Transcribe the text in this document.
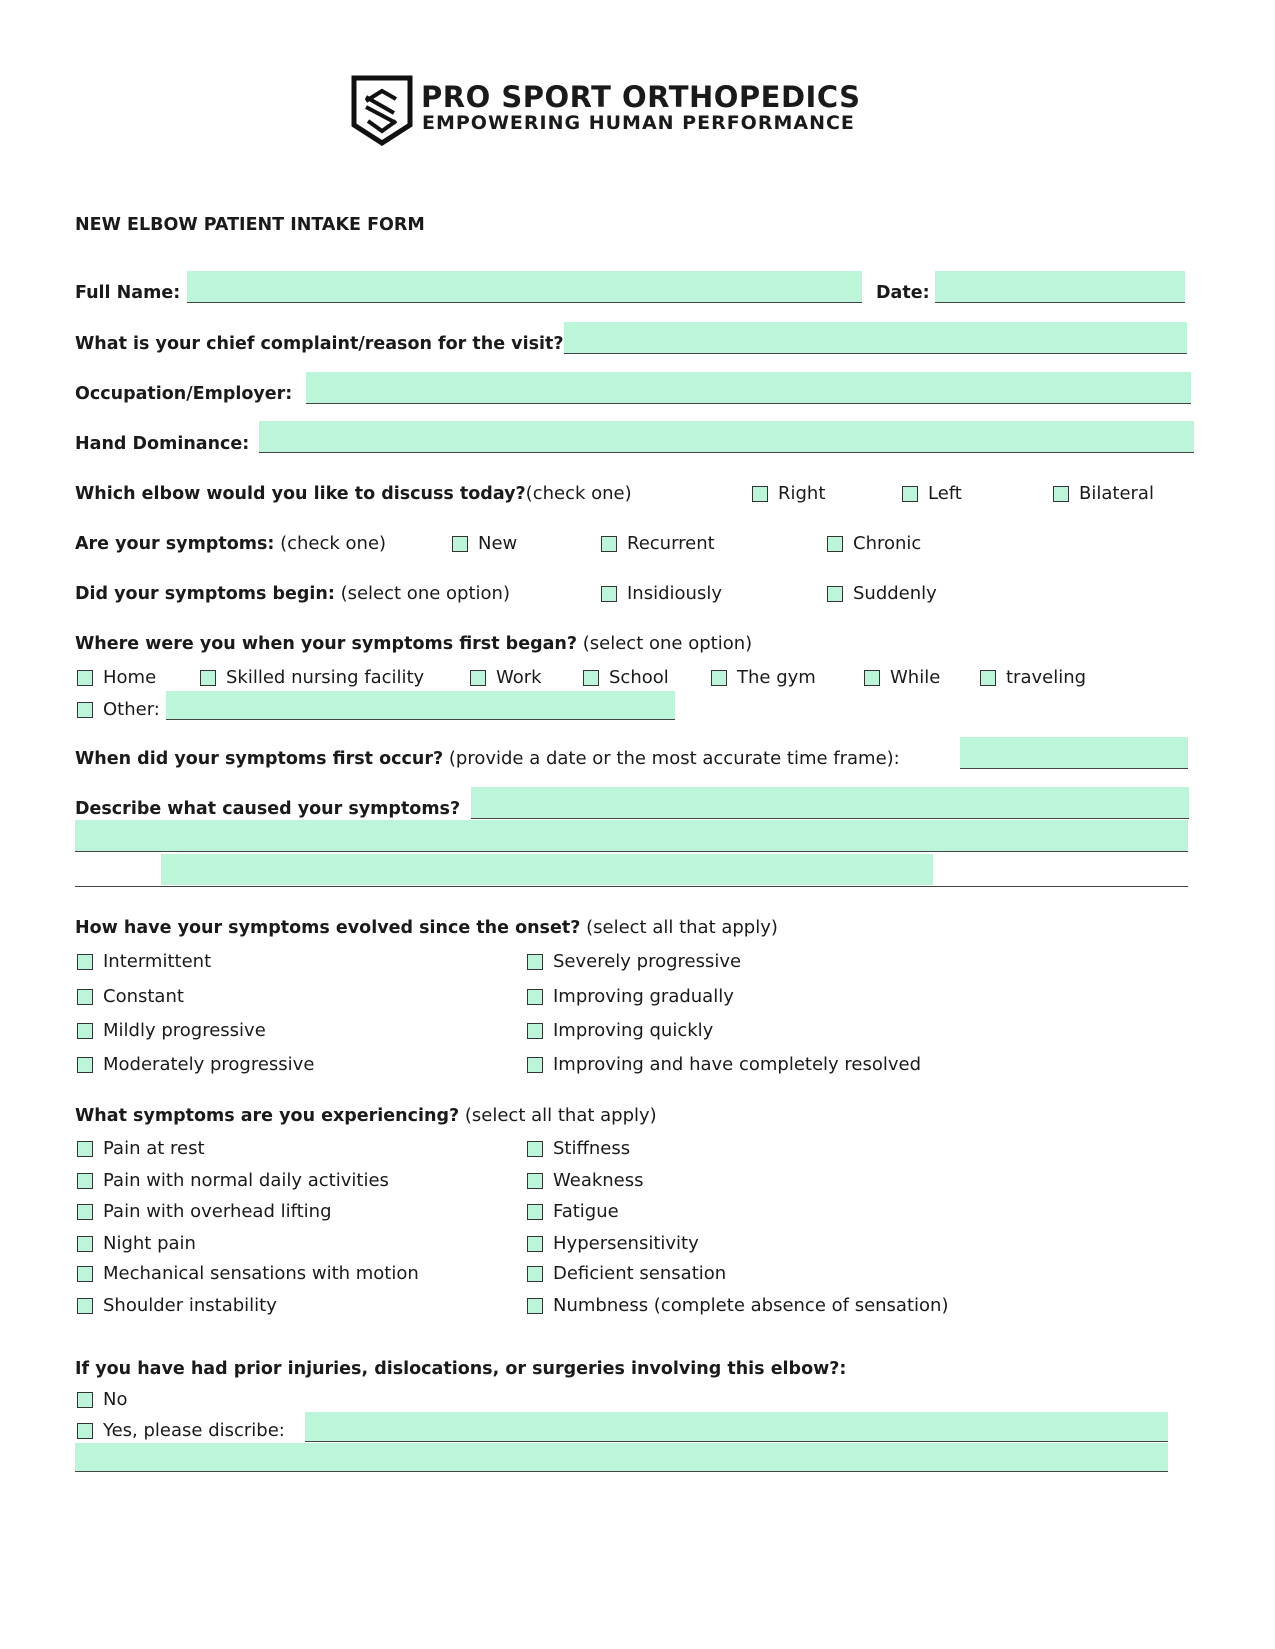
PRO SPORT ORTHOPEDICS
EMPOWERING HUMAN PERFORMANCE
NEW ELBOW PATIENT INTAKE FORM
Full Name:	Date:
What is your chief complaint/reason for the visit?
Occupation/Employer:
Hand Dominance:
Which elbow would you like to discuss today?(check one)	Right	Left	Bilateral
Are your symptoms: (check one)	New	Recurrent	Chronic
Did your symptoms begin: (select one option)	Insidiously	Suddenly
Where were you when your symptoms first began? (select one option)
Home	Skilled nursing facility	Work	School	The gym	While	traveling
Other:
When did your symptoms first occur? (provide a date or the most accurate time frame):
Describe what caused your symptoms?
How have your symptoms evolved since the onset? (select all that apply)
Intermittent
Constant
Mildly progressive
Moderately progressive
Severely progressive
Improving gradually
Improving quickly
Improving and have completely resolved
What symptoms are you experiencing? (select all that apply)
Pain at rest
Pain with normal daily activities
Pain with overhead lifting
Night pain
Mechanical sensations with motion
Shoulder instability
Stiffness
Weakness
Fatigue
Hypersensitivity
Deficient sensation
Numbness (complete absence of sensation)
If you have had prior injuries, dislocations, or surgeries involving this elbow?:
No
Yes, please discribe:
